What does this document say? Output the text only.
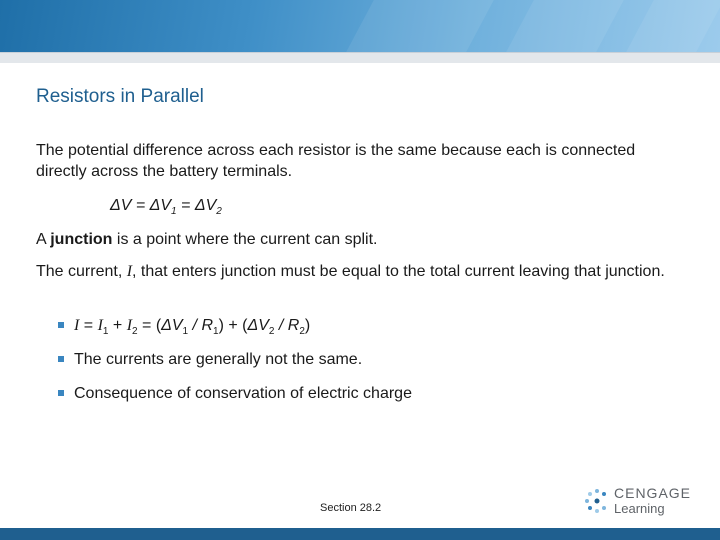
Resistors in Parallel

The potential difference across each resistor is the same because each is connected directly across the battery terminals.

$\Delta V = \Delta V_1 = \Delta V_2$

A junction is a point where the current can split.

The current, I, that enters junction must be equal to the total current leaving that junction.

$I = I_1 + I_2 = (\Delta V_1 / R_1) + (\Delta V_2 / R_2)$
The currents are generally not the same.
Consequence of conservation of electric charge
Section 28.2
CENGAGE
Learning
